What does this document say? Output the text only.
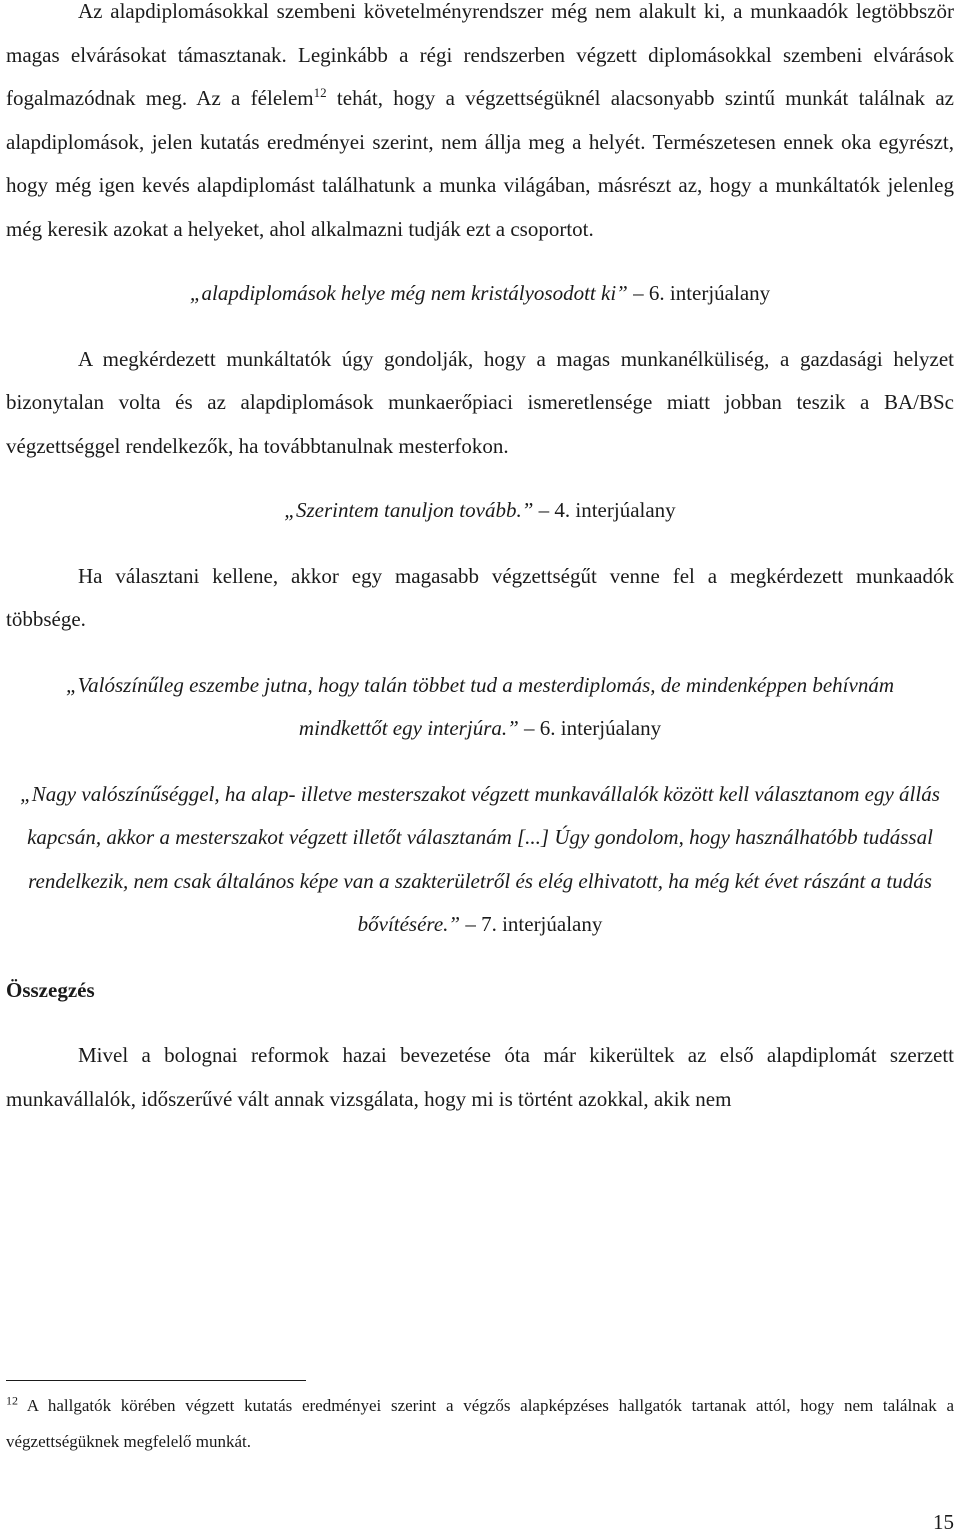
Az alapdiplomásokkal szembeni követelményrendszer még nem alakult ki, a munkaadók legtöbbször magas elvárásokat támasztanak. Leginkább a régi rendszerben végzett diplomásokkal szembeni elvárások fogalmazódnak meg. Az a félelem$^{12}$ tehát, hogy a végzettségüknél alacsonyabb szintű munkát találnak az alapdiplomások, jelen kutatás eredményei szerint, nem állja meg a helyét. Természetesen ennek oka egyrészt, hogy még igen kevés alapdiplomást találhatunk a munka világában, másrészt az, hogy a munkáltatók jelenleg még keresik azokat a helyeket, ahol alkalmazni tudják ezt a csoportot.

„alapdiplomások helye még nem kristályosodott ki” – 6. interjúalany

A megkérdezett munkáltatók úgy gondolják, hogy a magas munkanélküliség, a gazdasági helyzet bizonytalan volta és az alapdiplomások munkaerőpiaci ismeretlensége miatt jobban teszik a BA/BSc végzettséggel rendelkezők, ha továbbtanulnak mesterfokon.

„Szerintem tanuljon tovább.” – 4. interjúalany

Ha választani kellene, akkor egy magasabb végzettségűt venne fel a megkérdezett munkaadók többsége.

„Valószínűleg eszembe jutna, hogy talán többet tud a mesterdiplomás, de mindenképpen behívnám mindkettőt egy interjúra.” – 6. interjúalany

„Nagy valószínűséggel, ha alap- illetve mesterszakot végzett munkavállalók között kell választanom egy állás kapcsán, akkor a mesterszakot végzett illetőt választanám [...] Úgy gondolom, hogy használhatóbb tudással rendelkezik, nem csak általános képe van a szakterületről és elég elhivatott, ha még két évet rászánt a tudás bővítésére.” – 7. interjúalany

Összegzés

Mivel a bolognai reformok hazai bevezetése óta már kikerültek az első alapdiplomát szerzett munkavállalók, időszerűvé vált annak vizsgálata, hogy mi is történt azokkal, akik nem

$^{12}$ A hallgatók körében végzett kutatás eredményei szerint a végzős alapképzéses hallgatók tartanak attól, hogy nem találnak a végzettségüknek megfelelő munkát.
15
